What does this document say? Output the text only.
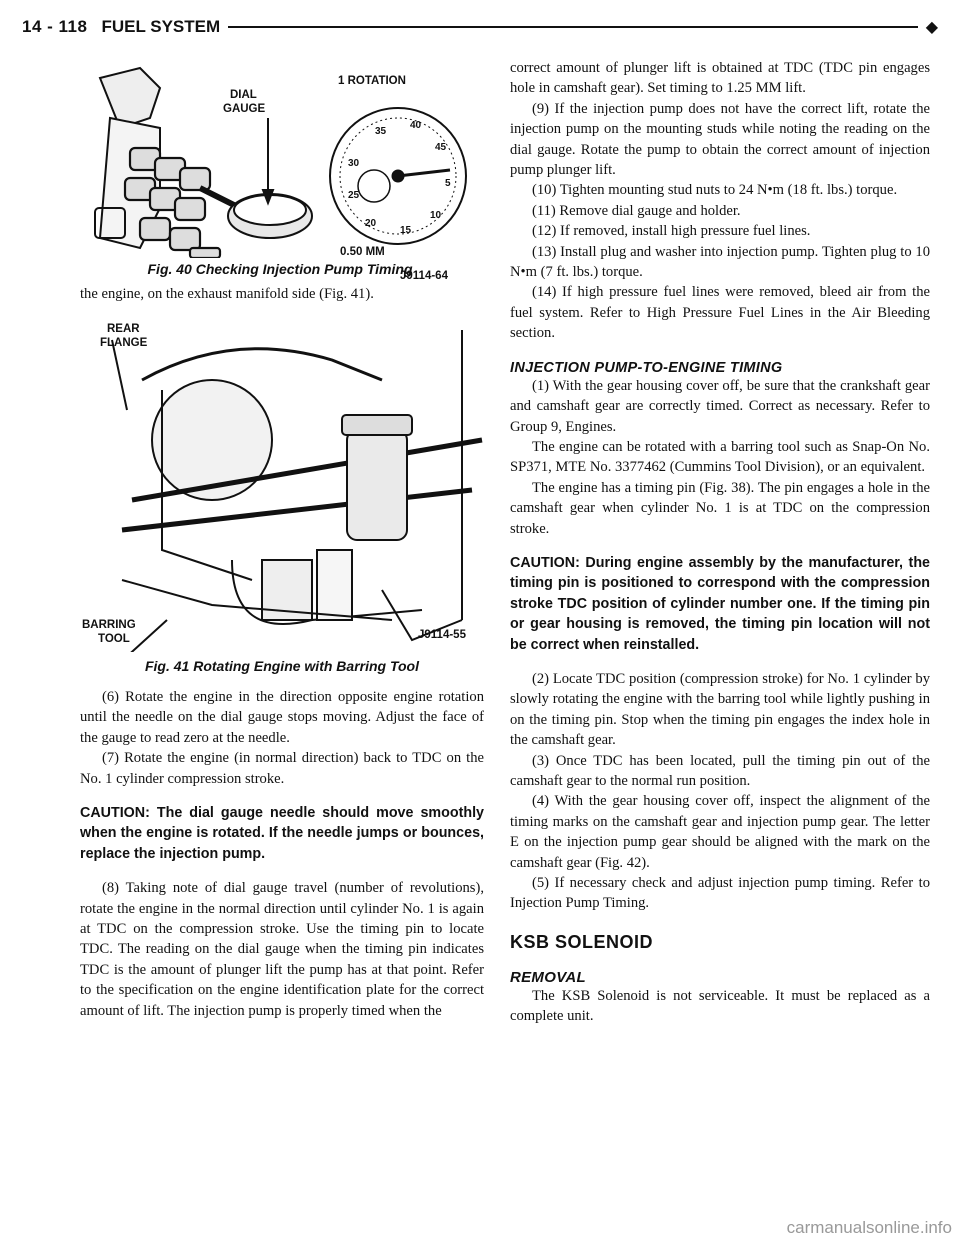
14 - 118 FUEL SYSTEM	◆
DIAL
GAUGE
1 ROTATION
40
45
5
10
15
20
25
30
35
0.50 MM
J9114-64

Fig. 40 Checking Injection Pump Timing

the engine, on the exhaust manifold side (Fig. 41).

REAR
FLANGE
BARRING
TOOL	J9114-55

Fig. 41 Rotating Engine with Barring Tool

(6) Rotate the engine in the direction opposite engine rotation until the needle on the dial gauge stops moving. Adjust the face of the gauge to read zero at the needle.

(7) Rotate the engine (in normal direction) back to TDC on the No. 1 cylinder compression stroke.

CAUTION: The dial gauge needle should move smoothly when the engine is rotated. If the needle jumps or bounces, replace the injection pump.

(8) Taking note of dial gauge travel (number of revolutions), rotate the engine in the normal direction until cylinder No. 1 is again at TDC on the compression stroke. Use the timing pin to locate TDC. The reading on the dial gauge when the timing pin indicates TDC is the amount of plunger lift the pump has at that point. Refer to the specification on the engine identification plate for the correct amount of lift. The injection pump is properly timed when the

correct amount of plunger lift is obtained at TDC (TDC pin engages hole in camshaft gear). Set timing to 1.25 MM lift.

(9) If the injection pump does not have the correct lift, rotate the injection pump on the mounting studs while noting the reading on the dial gauge. Rotate the pump to obtain the correct amount of injection pump plunger lift.

(10) Tighten mounting stud nuts to 24 N•m (18 ft. lbs.) torque.

(11) Remove dial gauge and holder.

(12) If removed, install high pressure fuel lines.

(13) Install plug and washer into injection pump. Tighten plug to 10 N•m (7 ft. lbs.) torque.

(14) If high pressure fuel lines were removed, bleed air from the fuel system. Refer to High Pressure Fuel Lines in the Air Bleeding section.

INJECTION PUMP-TO-ENGINE TIMING

(1) With the gear housing cover off, be sure that the crankshaft gear and camshaft gear are correctly timed. Correct as necessary. Refer to Group 9, Engines.

The engine can be rotated with a barring tool such as Snap-On No. SP371, MTE No. 3377462 (Cummins Tool Division), or an equivalent.

The engine has a timing pin (Fig. 38). The pin engages a hole in the camshaft gear when cylinder No. 1 is at TDC on the compression stroke.

CAUTION: During engine assembly by the manufacturer, the timing pin is positioned to correspond with the compression stroke TDC position of cylinder number one. If the timing pin or gear housing is removed, the timing pin location will not be correct when reinstalled.

(2) Locate TDC position (compression stroke) for No. 1 cylinder by slowly rotating the engine with the barring tool while lightly pushing in on the timing pin. Stop when the timing pin engages the index hole in the camshaft gear.

(3) Once TDC has been located, pull the timing pin out of the camshaft gear to the normal run position.

(4) With the gear housing cover off, inspect the alignment of the timing marks on the camshaft gear and injection pump gear. The letter E on the injection pump gear should be aligned with the mark on the camshaft gear (Fig. 42).

(5) If necessary check and adjust injection pump timing. Refer to Injection Pump Timing.

KSB SOLENOID

REMOVAL

The KSB Solenoid is not serviceable. It must be replaced as a complete unit.

carmanualsonline.info
